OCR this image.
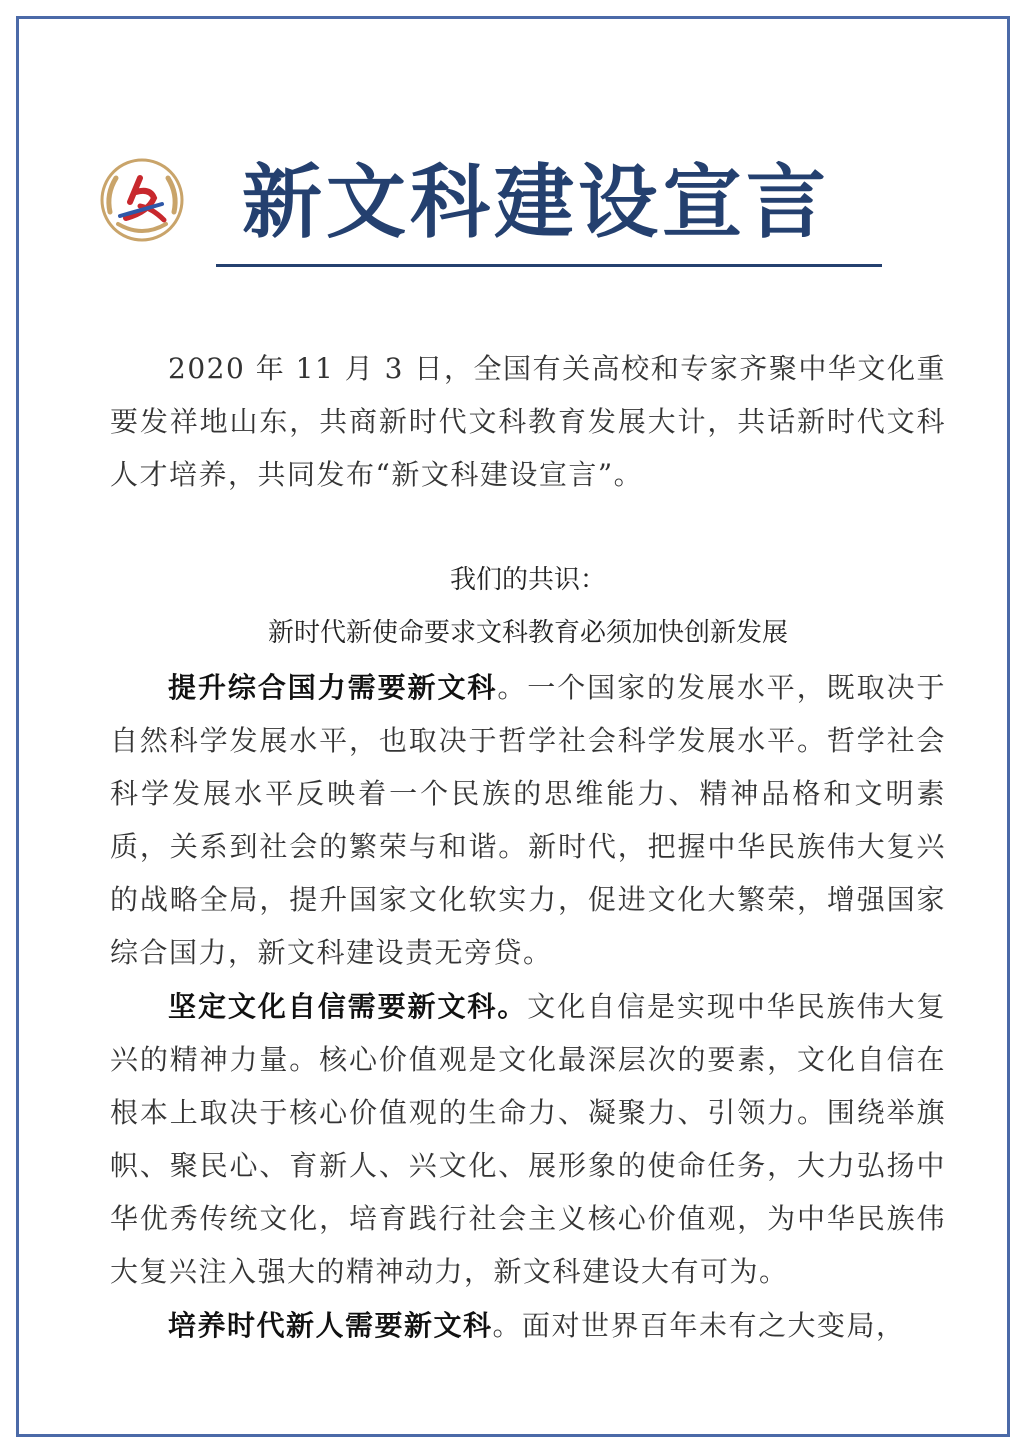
新文科建设宣言

2020 年 11 月 3 日，全国有关高校和专家齐聚中华文化重要发祥地山东，共商新时代文科教育发展大计，共话新时代文科人才培养，共同发布“新文科建设宣言”。

我们的共识：

新时代新使命要求文科教育必须加快创新发展

提升综合国力需要新文科。一个国家的发展水平，既取决于自然科学发展水平，也取决于哲学社会科学发展水平。哲学社会科学发展水平反映着一个民族的思维能力、精神品格和文明素质，关系到社会的繁荣与和谐。新时代，把握中华民族伟大复兴的战略全局，提升国家文化软实力，促进文化大繁荣，增强国家综合国力，新文科建设责无旁贷。

坚定文化自信需要新文科。文化自信是实现中华民族伟大复兴的精神力量。核心价值观是文化最深层次的要素，文化自信在根本上取决于核心价值观的生命力、凝聚力、引领力。围绕举旗帜、聚民心、育新人、兴文化、展形象的使命任务，大力弘扬中华优秀传统文化，培育践行社会主义核心价值观，为中华民族伟大复兴注入强大的精神动力，新文科建设大有可为。

培养时代新人需要新文科。面对世界百年未有之大变局，
